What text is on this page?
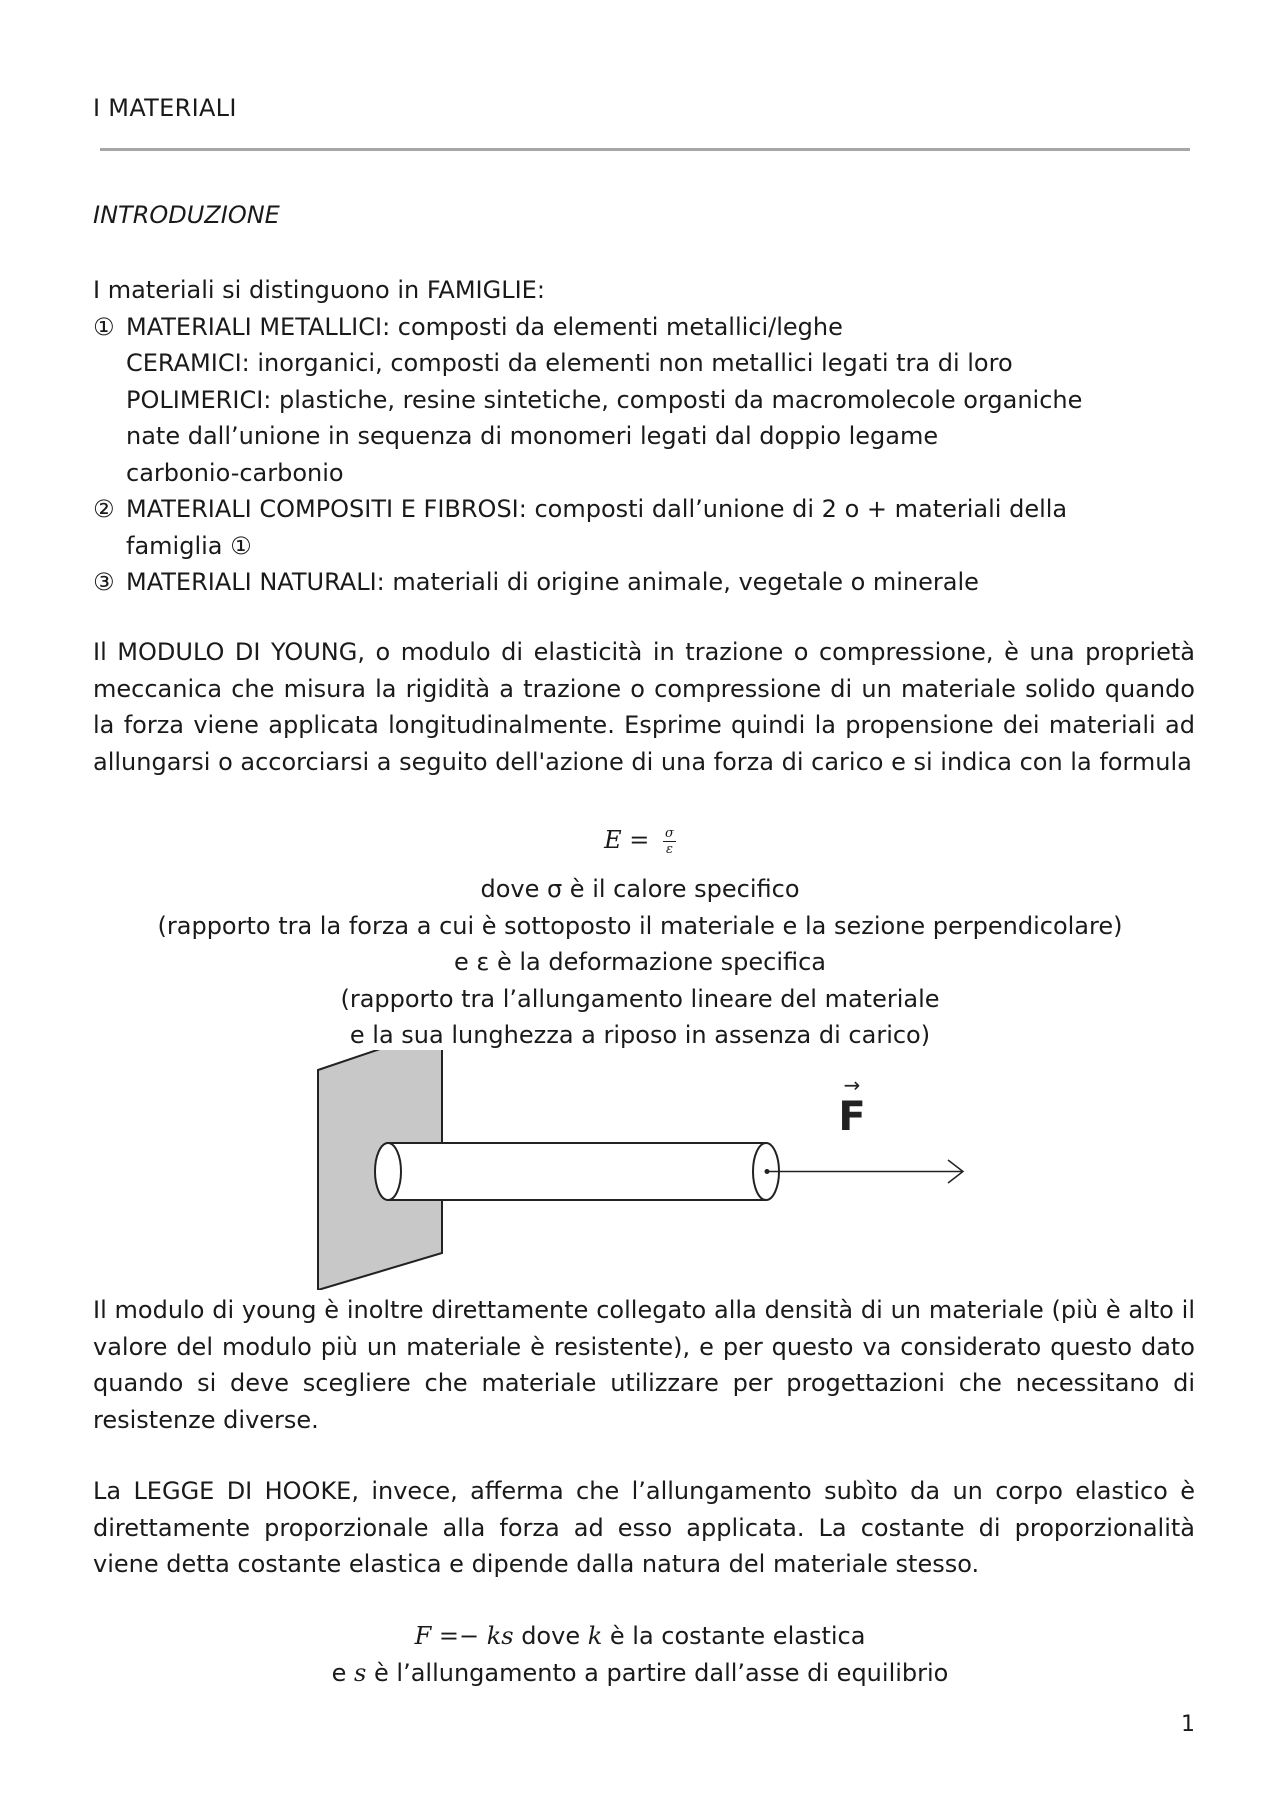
I MATERIALI
INTRODUZIONE
I materiali si distinguono in FAMIGLIE:
① MATERIALI METALLICI: composti da elementi metallici/leghe
CERAMICI: inorganici, composti da elementi non metallici legati tra di loro
POLIMERICI: plastiche, resine sintetiche, composti da macromolecole organiche
nate dall’unione in sequenza di monomeri legati dal doppio legame
carbonio-carbonio
② MATERIALI COMPOSITI E FIBROSI: composti dall’unione di 2 o + materiali della
famiglia ①
③ MATERIALI NATURALI: materiali di origine animale, vegetale o minerale
Il MODULO DI YOUNG, o modulo di elasticità in trazione o compressione, è una proprietà meccanica che misura la rigidità a trazione o compressione di un materiale solido quando la forza viene applicata longitudinalmente. Esprime quindi la propensione dei materiali ad allungarsi o accorciarsi a seguito dell'azione di una forza di carico e si indica con la formula
$E = \frac{\sigma}{\varepsilon}$
dove σ è il calore specifico
(rapporto tra la forza a cui è sottoposto il materiale e la sezione perpendicolare)
e ε è la deformazione specifica
(rapporto tra l’allungamento lineare del materiale
e la sua lunghezza a riposo in assenza di carico)
→
F
Il modulo di young è inoltre direttamente collegato alla densità di un materiale (più è alto il valore del modulo più un materiale è resistente), e per questo va considerato questo dato quando si deve scegliere che materiale utilizzare per progettazioni che necessitano di resistenze diverse.
La LEGGE DI HOOKE, invece, afferma che l’allungamento subìto da un corpo elastico è direttamente proporzionale alla forza ad esso applicata. La costante di proporzionalità viene detta costante elastica e dipende dalla natura del materiale stesso.
F =− ks dove k è la costante elastica
e s è l’allungamento a partire dall’asse di equilibrio
1
